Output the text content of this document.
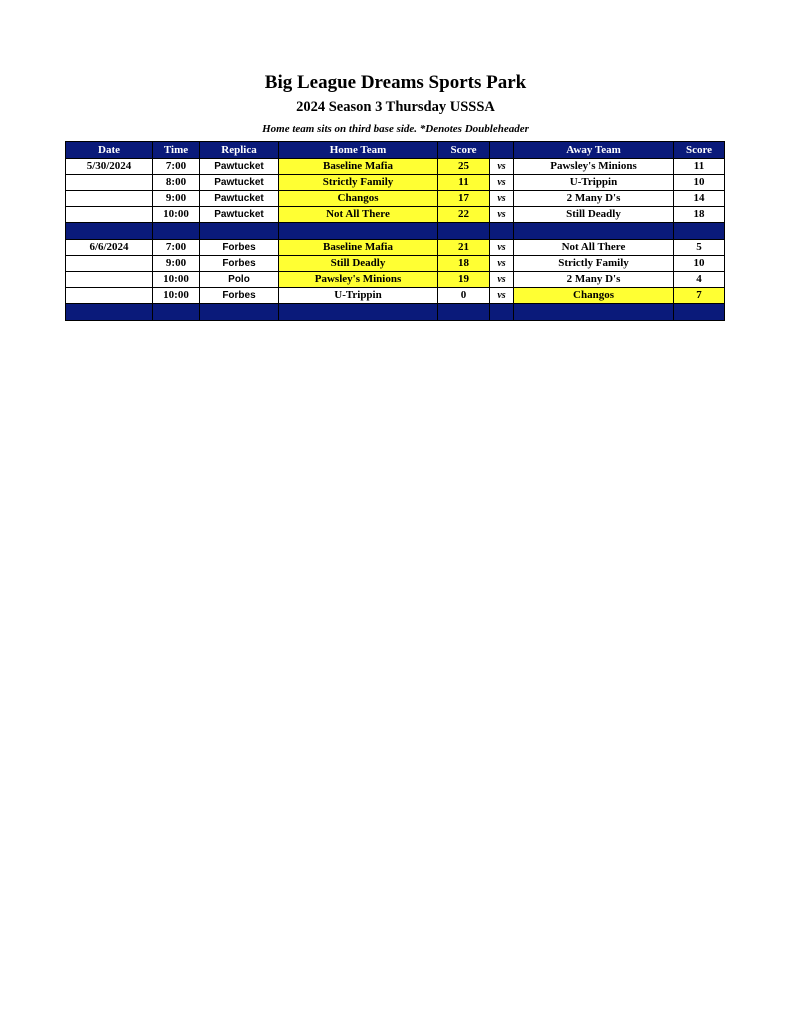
Big League Dreams Sports Park
2024 Season 3 Thursday USSSA
Home team sits on third base side. *Denotes Doubleheader
Date	Time	Replica	Home Team	Score		Away Team	Score
5/30/2024	7:00	Pawtucket	Baseline Mafia	25	vs	Pawsley's Minions	11
	8:00	Pawtucket	Strictly Family	11	vs	U-Trippin	10
	9:00	Pawtucket	Changos	17	vs	2 Many D's	14
	10:00	Pawtucket	Not All There	22	vs	Still Deadly	18

6/6/2024	7:00	Forbes	Baseline Mafia	21	vs	Not All There	5
	9:00	Forbes	Still Deadly	18	vs	Strictly Family	10
	10:00	Polo	Pawsley's Minions	19	vs	2 Many D's	4
	10:00	Forbes	U-Trippin	0	vs	Changos	7
